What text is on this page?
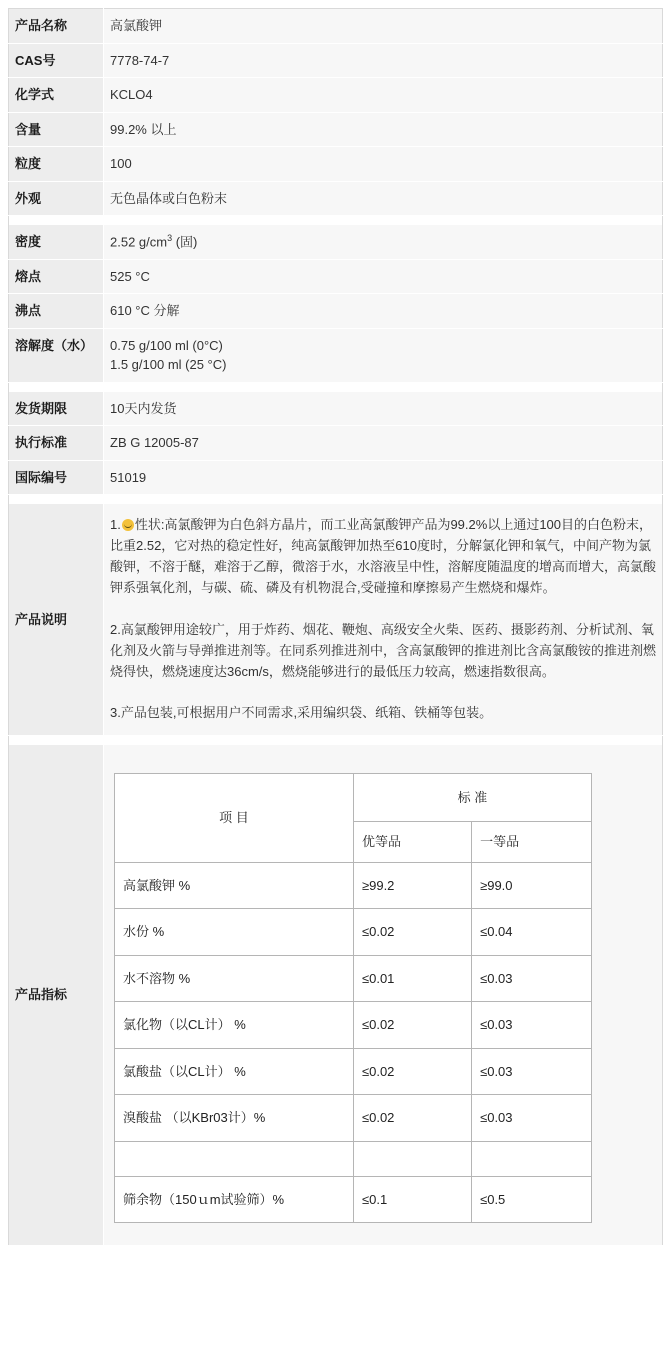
产品名称	高氯酸钾
CAS号	7778-74-7
化学式	KCLO4
含量	99.2% 以上
粒度	100
外观	无色晶体或白色粉末

密度	2.52 $g/cm^3$ (固)
熔点	525 °C
沸点	610 °C 分解
溶解度（水）	0.75 g/100 ml (0°C)
1.5 g/100 ml (25 °C)

发货期限	10天内发货
执行标准	ZB G 12005-87
国际编号	51019

产品说明	

1. 性状:高氯酸钾为白色斜方晶片，而工业高氯酸钾产品为99.2%以上通过100目的白色粉末，比重2.52，它对热的稳定性好，纯高氯酸钾加热至610度时，分解氯化钾和氧气，中间产物为氯酸钾，不溶于醚，难溶于乙醇，微溶于水，水溶液呈中性，溶解度随温度的增高而增大，高氯酸钾系强氧化剂，与碳、硫、磷及有机物混合,受碰撞和摩擦易产生燃烧和爆炸。

2.高氯酸钾用途较广，用于炸药、烟花、鞭炮、高级安全火柴、医药、摄影药剂、分析试剂、氧化剂及火箭与导弹推进剂等。在同系列推进剂中，含高氯酸钾的推进剂比含高氯酸铵的推进剂燃烧得快，燃烧速度达36cm/s，燃烧能够进行的最低压力较高，燃速指数很高。

3.产品包装,可根据用户不同需求,采用编织袋、纸箱、铁桶等包装。

产品指标	
项 目	标 准
优等品	一等品
高氯酸钾 %	≥99.2	≥99.0
水份 %	≤0.02	≤0.04
水不溶物 %	≤0.01	≤0.03
氯化物（以CL计） %	≤0.02	≤0.03
氯酸盐（以CL计） %	≤0.02	≤0.03
溴酸盐 （以KBr03计）%	≤0.02	≤0.03

筛余物（150ｕm试验筛）%	≤0.1	≤0.5
